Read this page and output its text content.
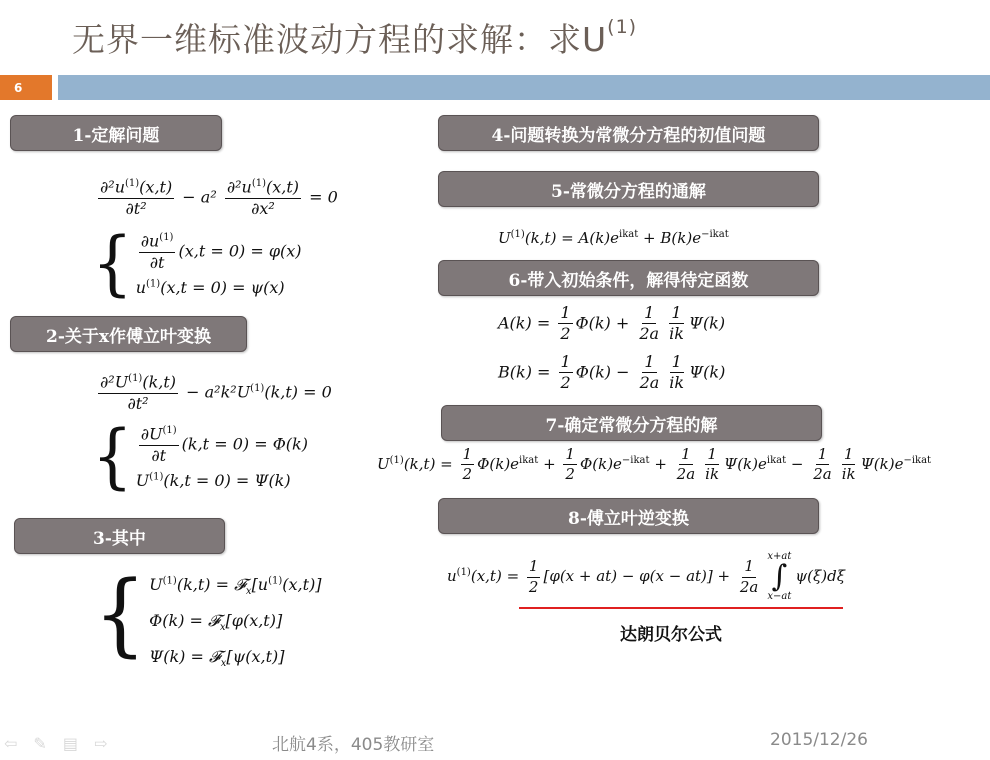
无界一维标准波动方程的求解：求$U^{(1)}$
6
1-定解问题
2-关于x作傅立叶变换
3-其中
4-问题转换为常微分方程的初值问题
5-常微分方程的通解
6-带入初始条件，解得待定函数
7-确定常微分方程的解
8-傅立叶逆变换
$\frac{\partial^2u^{(1)}(x,t)}{\text{∂t²}} - a^2 \frac{\partial^2u^{(1)}(x,t)}{\text{∂x²}} = 0$
{ $\frac{\partial u^{(1)}}{\partial t} (x,t = 0) = \varphi(x)$
$u^{(1)}(x,t = 0) = \psi(x)$
$\frac{\partial^2U^{(1)}(k,t)}{\text{∂t²}} - a^2k^2U^{(1)}(k,t) = 0$
{ $\frac{\partial U^{(1)}}{\partial t} (k,t = 0) = \Phi(k)$
$U^{(1)}(k,t = 0) = \Psi(k)$
{ $U^{(1)}(k,t)$ = $𝓕_x[u^{(1)}(x,t)]$
Φ(k) = 𝓕$_x$[φ(x,t)]
Ψ(k) = 𝓕$_x$[ψ(x,t)]
$U^{(1)}(k,t) = A(k)e^{ikat} + B(k)e^{-ikat}$
$A(k) = \frac{1}{2} \Phi(k) + \frac{1}{2a} \frac{1}{ik} \Psi(k)$
$B(k) = \frac{1}{2} \Phi(k) - \frac{1}{2a} \frac{1}{ik} \Psi(k)$
$U^{(1)}(k,t) = \frac{1}{2} \Phi(k)e^{ikat} + \frac{1}{2} \Phi(k)e^{-ikat} + \frac{1}{2a} \frac{1}{ik} \Psi(k)e^{ikat} - \frac{1}{2a} \frac{1}{ik} \Psi(k)e^{-ikat}$
$u^{(1)}(x,t) = \frac{1}{2} [\varphi(x + at) - \varphi(x - at)] + \frac{1}{2a}$
x+at
∫
x−at
ψ(ξ)dξ
达朗贝尔公式
⇦ ✎ ▤ ⇨	北航4系，405教研室	2015/12/26
